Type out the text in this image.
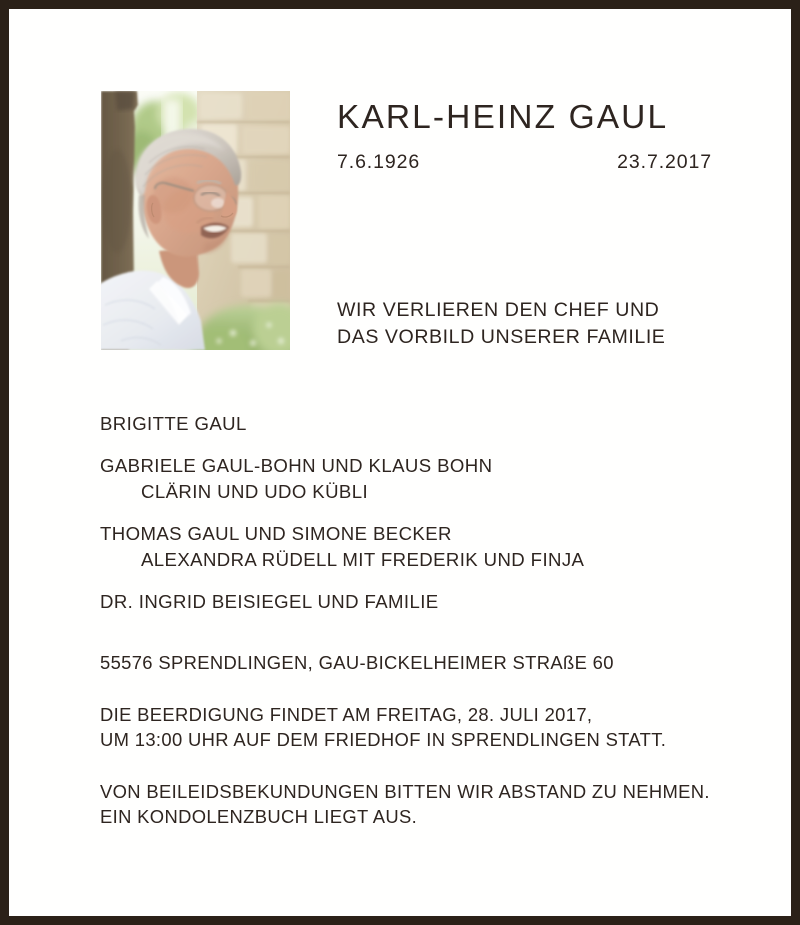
KARL-HEINZ GAUL
7.6.1926	23.7.2017
WIR VERLIEREN DEN CHEF UND
DAS VORBILD UNSERER FAMILIE
BRIGITTE GAUL
GABRIELE GAUL-BOHN UND KLAUS BOHN
CLÄRIN UND UDO KÜBLI
THOMAS GAUL UND SIMONE BECKER
ALEXANDRA RÜDELL MIT FREDERIK UND FINJA
DR. INGRID BEISIEGEL UND FAMILIE
55576 SPRENDLINGEN, GAU-BICKELHEIMER STRAßE 60
DIE BEERDIGUNG FINDET AM FREITAG, 28. JULI 2017,
UM 13:00 UHR AUF DEM FRIEDHOF IN SPRENDLINGEN STATT.
VON BEILEIDSBEKUNDUNGEN BITTEN WIR ABSTAND ZU NEHMEN.
EIN KONDOLENZBUCH LIEGT AUS.
